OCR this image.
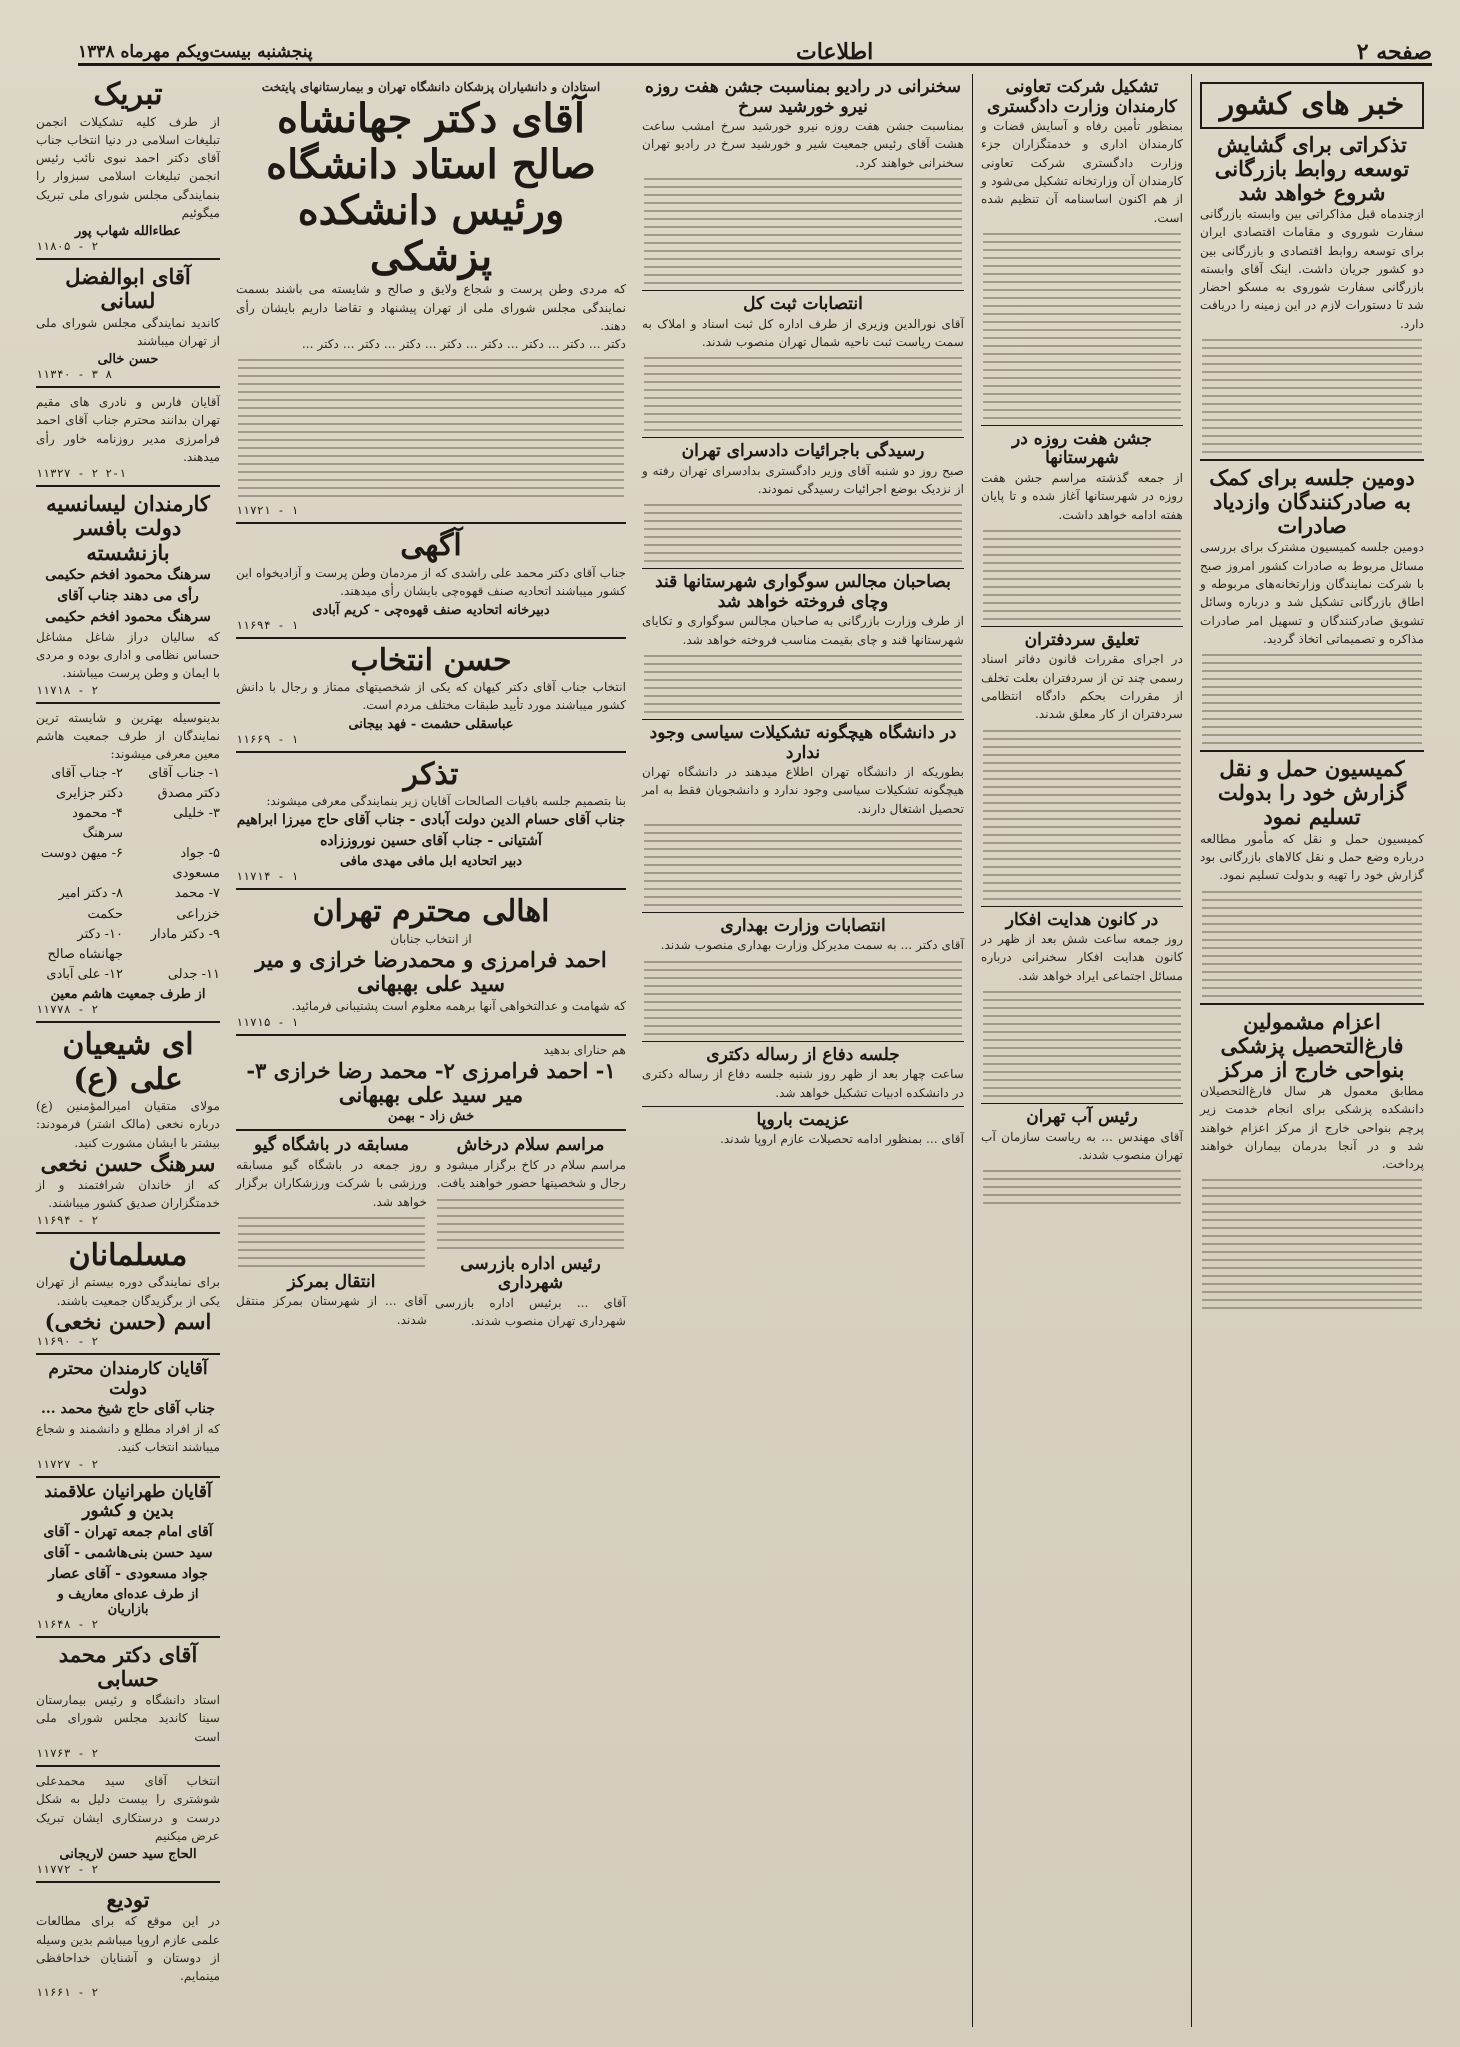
صفحه ۲
اطلاعات
پنجشنبه بیست‌ویکم مهرماه ۱۳۳۸
خبر های کشور
تذکراتی برای گشایش توسعه روابط بازرگانی شروع خواهد شد
ازچندماه قبل مذاکراتی بین وابسته بازرگانی سفارت شوروی و مقامات اقتصادی ایران برای توسعه روابط اقتصادی و بازرگانی بین دو کشور جریان داشت. اینک آقای وابسته بازرگانی سفارت شوروی به مسکو احضار شد تا دستورات لازم در این زمینه را دریافت دارد.
دومین جلسه برای کمک به صادرکنندگان وازدیاد صادرات
دومین جلسه کمیسیون مشترک برای بررسی مسائل مربوط به صادرات کشور امروز صبح با شرکت نمایندگان وزارتخانه‌های مربوطه و اطاق بازرگانی تشکیل شد و درباره وسائل تشویق صادرکنندگان و تسهیل امر صادرات مذاکره و تصمیماتی اتخاذ گردید.
کمیسیون حمل و نقل گزارش خود را بدولت تسلیم نمود
کمیسیون حمل و نقل که مأمور مطالعه درباره وضع حمل و نقل کالاهای بازرگانی بود گزارش خود را تهیه و بدولت تسلیم نمود.
اعزام مشمولین فارغ‌التحصیل پزشکی بنواحی خارج از مرکز
مطابق معمول هر سال فارغ‌التحصیلان دانشکده پزشکی برای انجام خدمت زیر پرچم بنواحی خارج از مرکز اعزام خواهند شد و در آنجا بدرمان بیماران خواهند پرداخت.
تشکیل شرکت تعاونی کارمندان وزارت دادگستری
بمنظور تأمین رفاه و آسایش قضات و کارمندان اداری و خدمتگزاران جزء وزارت دادگستری شرکت تعاونی کارمندان آن وزارتخانه تشکیل می‌شود و از هم اکنون اساسنامه آن تنظیم شده است.
جشن هفت روزه در شهرستانها
از جمعه گذشته مراسم جشن هفت روزه در شهرستانها آغاز شده و تا پایان هفته ادامه خواهد داشت.
تعلیق سردفتران
در اجرای مقررات قانون دفاتر اسناد رسمی چند تن از سردفتران بعلت تخلف از مقررات بحکم دادگاه انتظامی سردفتران از کار معلق شدند.
در کانون هدایت افکار
روز جمعه ساعت شش بعد از ظهر در کانون هدایت افکار سخنرانی درباره مسائل اجتماعی ایراد خواهد شد.
رئیس آب تهران
آقای مهندس ... به ریاست سازمان آب تهران منصوب شدند.
سخنرانی در رادیو بمناسبت جشن هفت روزه نیرو خورشید سرخ
بمناسبت جشن هفت روزه نیرو خورشید سرخ امشب ساعت هشت آقای رئیس جمعیت شیر و خورشید سرخ در رادیو تهران سخنرانی خواهند کرد.
انتصابات ثبت کل
آقای نورالدین وزیری از طرف اداره کل ثبت اسناد و املاک به سمت ریاست ثبت ناحیه شمال تهران منصوب شدند.
رسیدگی باجرائیات دادسرای تهران
صبح روز دو شنبه آقای وزیر دادگستری بدادسرای تهران رفته و از نزدیک بوضع اجرائیات رسیدگی نمودند.
بصاحبان مجالس سوگواری شهرستانها قند وچای فروخته خواهد شد
از طرف وزارت بازرگانی به صاحبان مجالس سوگواری و تکایای شهرستانها قند و چای بقیمت مناسب فروخته خواهد شد.
در دانشگاه هیچگونه تشکیلات سیاسی وجود ندارد
بطوریکه از دانشگاه تهران اطلاع میدهند در دانشگاه تهران هیچگونه تشکیلات سیاسی وجود ندارد و دانشجویان فقط به امر تحصیل اشتغال دارند.
انتصابات وزارت بهداری
آقای دکتر ... به سمت مدیرکل وزارت بهداری منصوب شدند.
جلسه دفاع از رساله دکتری
ساعت چهار بعد از ظهر روز شنبه جلسه دفاع از رساله دکتری در دانشکده ادبیات تشکیل خواهد شد.
عزیمت باروپا
آقای ... بمنظور ادامه تحصیلات عازم اروپا شدند.
استادان و دانشیاران پزشکان دانشگاه تهران و بیمارستانهای پایتخت
آقای دکتر جهانشاه صالح استاد دانشگاه ورئیس دانشکده پزشکی
که مردی وطن پرست و شجاع ولایق و صالح و شایسته می باشند بسمت نمایندگی مجلس شورای ملی از تهران پیشنهاد و تقاضا داریم بایشان رأی دهند.
دکتر ... دکتر ... دکتر ... دکتر ... دکتر ... دکتر ... دکتر ... دکتر ...
۱۱۷۲۱ - ۱
آگهی
جناب آقای دکتر محمد علی راشدی که از مردمان وطن پرست و آزادیخواه این کشور میباشند اتحادیه صنف قهوه‌چی بایشان رأی میدهند.
دبیرخانه اتحادیه صنف قهوه‌چی - کریم آبادی
۱۱۶۹۴ - ۱
حسن انتخاب
انتخاب جناب آقای دکتر کیهان که یکی از شخصیتهای ممتاز و رجال با دانش کشور میباشند مورد تأیید طبقات مختلف مردم است.
عباسقلی حشمت - فهد بیجانی
۱۱۶۶۹ - ۱
تذکر
بنا بتصمیم جلسه باقیات الصالحات آقایان زیر بنمایندگی معرفی میشوند:
جناب آقای حسام الدین دولت آبادی - جناب آقای حاج میرزا ابراهیم آشتیانی - جناب آقای حسین نوروززاده
دبیر اتحادیه ابل مافی مهدی مافی
۱۱۷۱۴ - ۱
اهالی محترم تهران
از انتخاب جنابان
احمد فرامرزی و محمدرضا خرازی و میر سید علی بهبهانی
که شهامت و عدالتخواهی آنها برهمه معلوم است پشتیبانی فرمائید.
۱۱۷۱۵ - ۱
هم حنارای بدهید
۱- احمد فرامرزی ۲- محمد رضا خرازی ۳- میر سید علی بهبهانی
خش زاد - بهمن
مراسم سلام درخاش
مراسم سلام در کاخ برگزار میشود و رجال و شخصیتها حضور خواهند یافت.
رئیس اداره بازرسی شهرداری
آقای ... برئیس اداره بازرسی شهرداری تهران منصوب شدند.
مسابقه در باشگاه گیو
روز جمعه در باشگاه گیو مسابقه ورزشی با شرکت ورزشکاران برگزار خواهد شد.
انتقال بمرکز
آقای ... از شهرستان بمرکز منتقل شدند.
تبریک
از طرف کلیه تشکیلات انجمن تبلیغات اسلامی در دنیا انتخاب جناب آقای دکتر احمد نبوی نائب رئیس انجمن تبلیغات اسلامی سبزوار را بنمایندگی مجلس شورای ملی تبریک میگوئیم
عطاءالله شهاب پور
۱۱۸۰۵ - ۲
آقای ابوالفضل لسانی
کاندید نمایندگی مجلس شورای ملی از تهران میباشند
حسن خالی
۱۱۳۴۰ - ۳ ۸
آقایان فارس و نادری های مقیم تهران بدانند محترم جناب آقای احمد فرامرزی مدیر روزنامه خاور رأی میدهند.
۱۱۳۲۷ - ۲ ۲-۱
کارمندان لیسانسیه دولت بافسر بازنشسته
سرهنگ محمود افخم حکیمی رأی می دهند جناب آقای سرهنگ محمود افخم حکیمی
که سالیان دراز شاغل مشاغل حساس نظامی و اداری بوده و مردی با ایمان و وطن پرست میباشند.
۱۱۷۱۸ - ۲
بدینوسیله بهترین و شایسته ترین نمایندگان از طرف جمعیت هاشم معین معرفی میشوند:
۱- جناب آقای دکتر مصدق
۲- جناب آقای دکتر جزایری
۳- خلیلی
۴- محمود سرهنگ
۵- جواد مسعودی
۶- میهن دوست
۷- محمد خزراعی
۸- دکتر امیر حکمت
۹- دکتر مادار
۱۰- دکتر جهانشاه صالح
۱۱- جدلی
۱۲- علی آبادی
از طرف جمعیت هاشم معین
۱۱۷۷۸ - ۲
ای شیعیان علی (ع)
مولای متقیان امیرالمؤمنین (ع) درباره نخعی (مالک اشتر) فرمودند: بیشتر با ایشان مشورت کنید.
سرهنگ حسن نخعی
که از خاندان شرافتمند و از خدمتگزاران صدیق کشور میباشند.
۱۱۶۹۴ - ۲
مسلمانان
برای نمایندگی دوره بیستم از تهران یکی از برگزیدگان جمعیت باشند.
اسم (حسن نخعی)
۱۱۶۹۰ - ۲
آقایان کارمندان محترم دولت
جناب آقای حاج شیخ محمد ...
که از افراد مطلع و دانشمند و شجاع میباشند انتخاب کنید.
۱۱۷۲۷ - ۲
آقایان طهرانیان علاقمند بدین و کشور
آقای امام جمعه تهران - آقای سید حسن بنی‌هاشمی - آقای جواد مسعودی - آقای عصار
از طرف عده‌ای معاریف و بازاریان
۱۱۶۴۸ - ۲
آقای دکتر محمد حسابی
استاد دانشگاه و رئیس بیمارستان سینا کاندید مجلس شورای ملی است
۱۱۷۶۳ - ۲
انتخاب آقای سید محمدعلی شوشتری را بیست دلیل به شکل درست و درستکاری ایشان تبریک عرض میکنیم
الحاج سید حسن لاریجانی
۱۱۷۷۲ - ۲
تودیع
در این موقع که برای مطالعات علمی عازم اروپا میباشم بدین وسیله از دوستان و آشنایان خداحافظی مینمایم.
۱۱۶۶۱ - ۲
